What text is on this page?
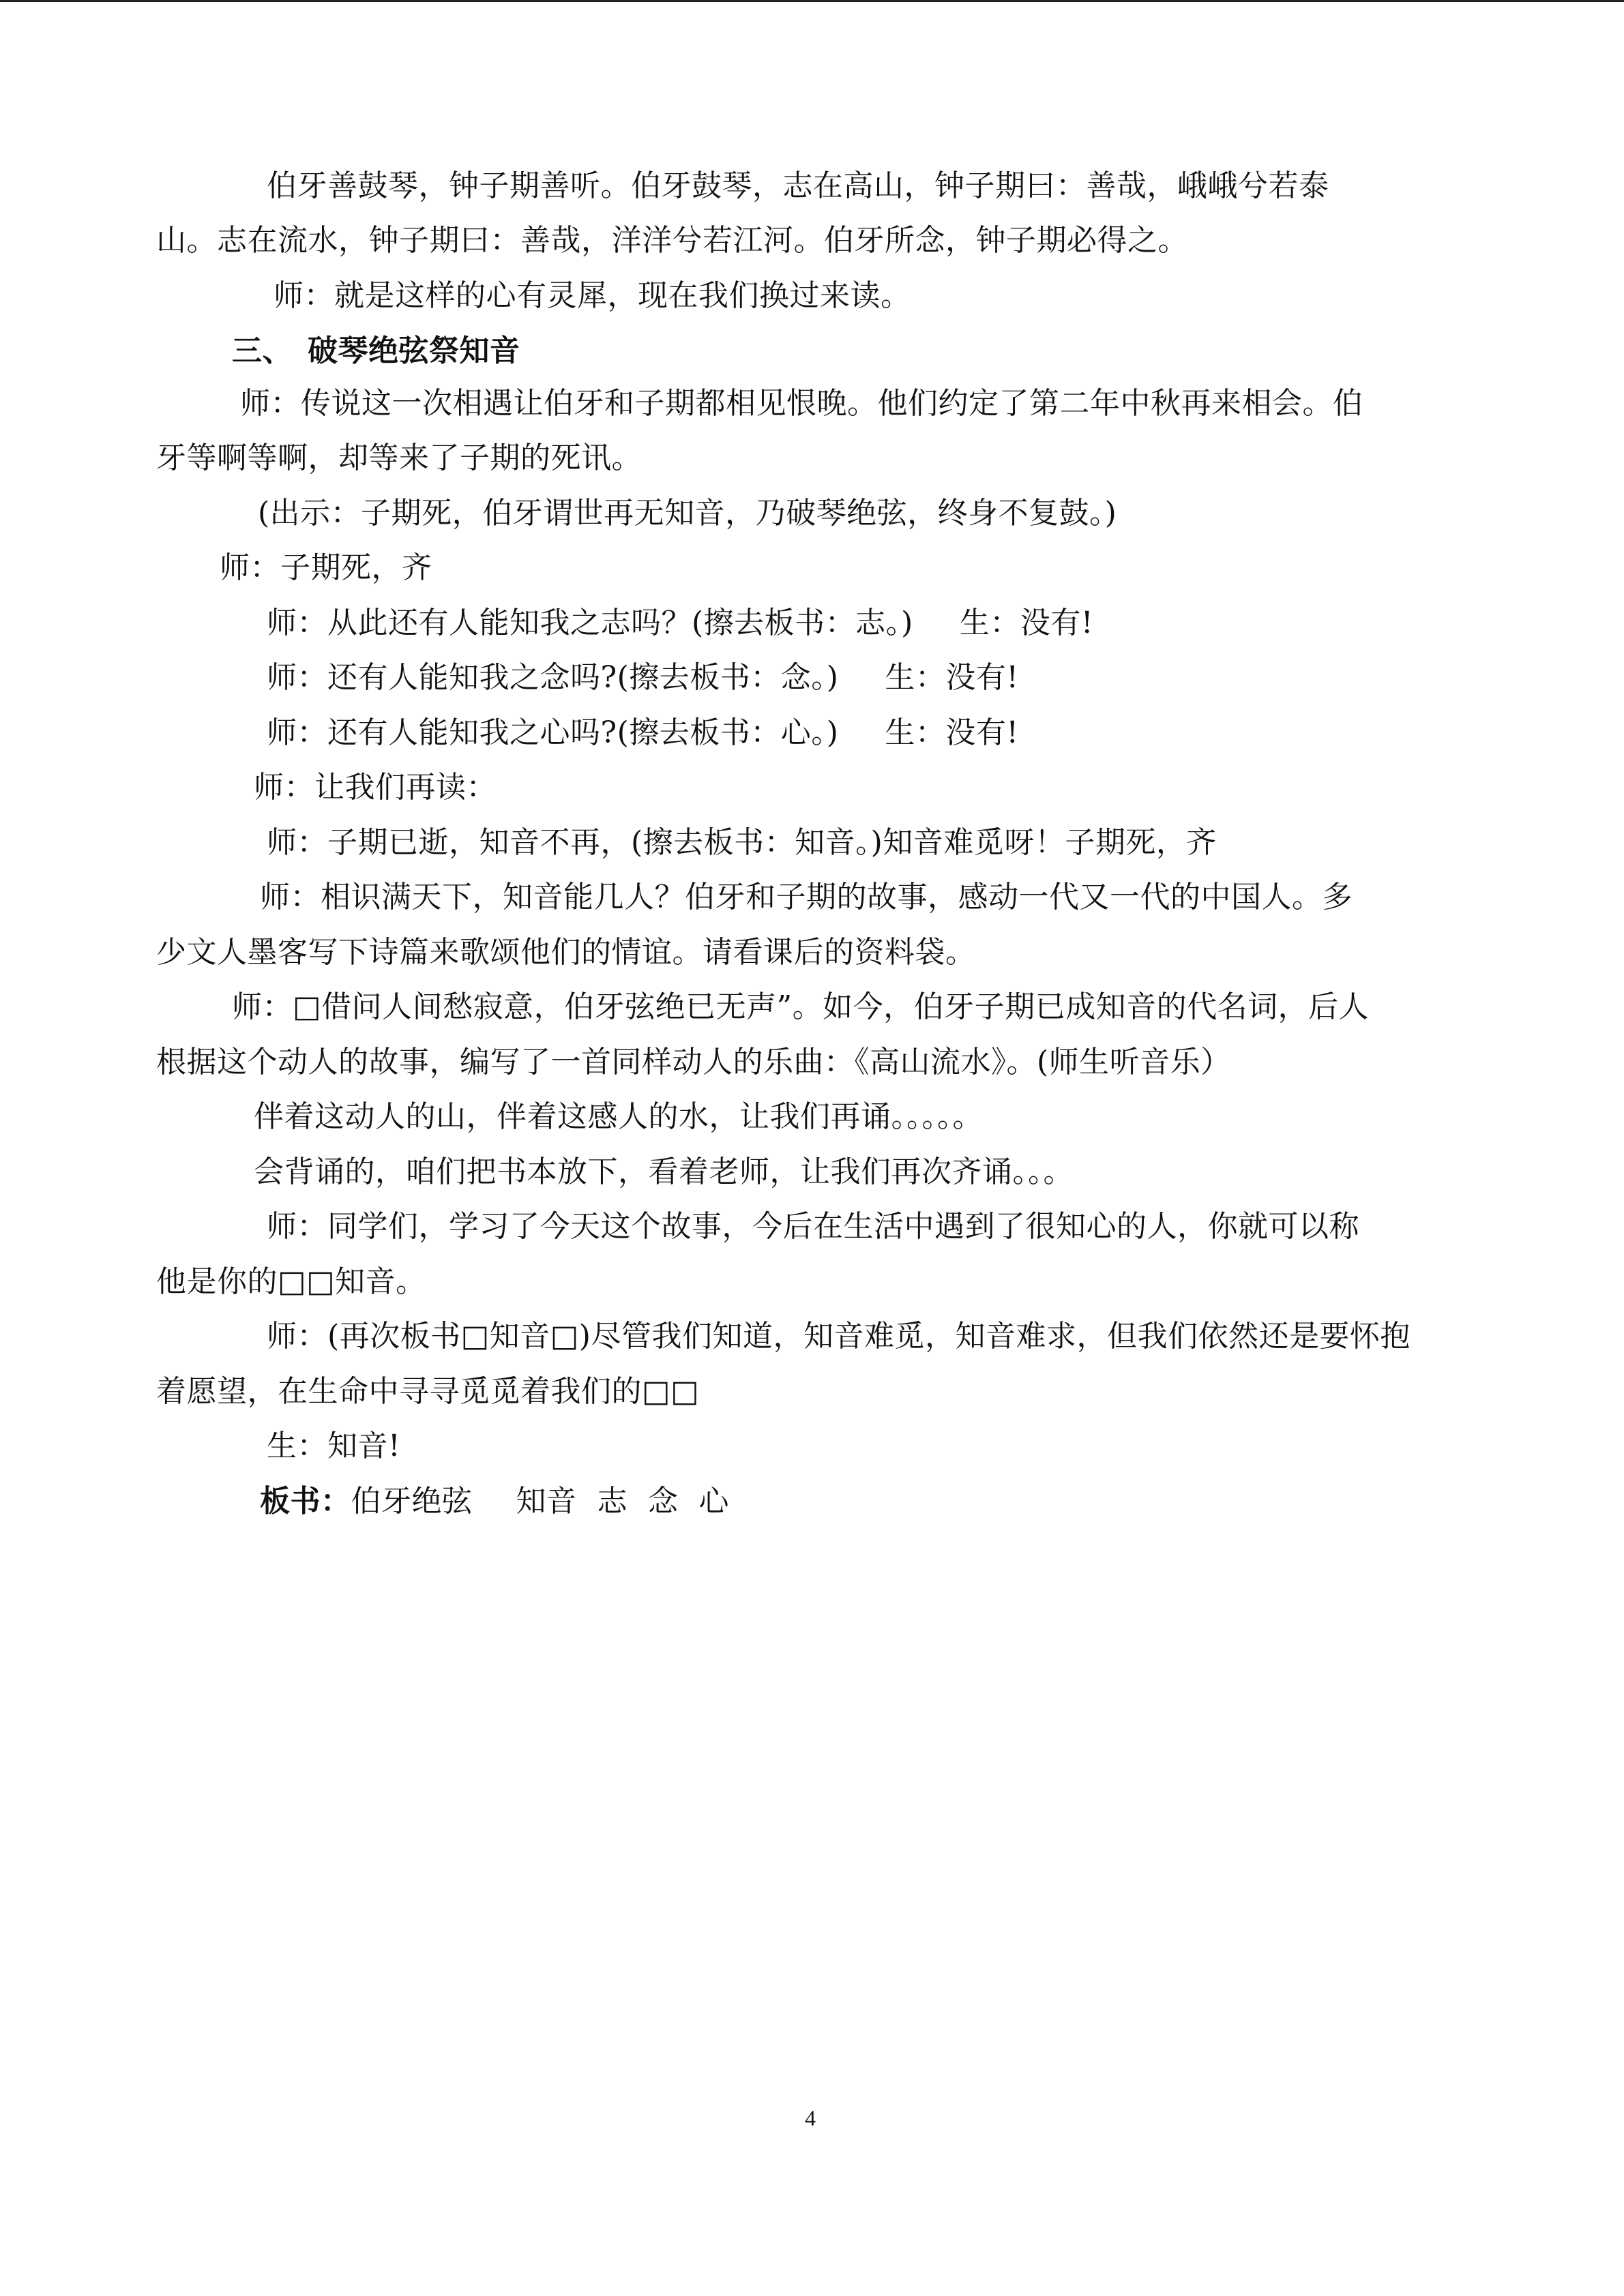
伯牙善鼓琴，钟子期善听。伯牙鼓琴，志在高山，钟子期曰：善哉，峨峨兮若泰
山。志在流水，钟子期曰：善哉，洋洋兮若江河。伯牙所念，钟子期必得之。
师：就是这样的心有灵犀，现在我们换过来读。
三、 破琴绝弦祭知音
师：传说这一次相遇让伯牙和子期都相见恨晚。他们约定了第二年中秋再来相会。伯
牙等啊等啊，却等来了子期的死讯。
(出示：子期死，伯牙谓世再无知音，乃破琴绝弦，终身不复鼓。)
师：子期死，齐
师：从此还有人能知我之志吗？(擦去板书：志。) 生：没有!
师：还有人能知我之念吗?(擦去板书：念。) 生：没有!
师：还有人能知我之心吗?(擦去板书：心。) 生：没有!
师：让我们再读：
师：子期已逝，知音不再，(擦去板书：知音。)知音难觅呀！子期死，齐
师：相识满天下，知音能几人？伯牙和子期的故事，感动一代又一代的中国人。多
少文人墨客写下诗篇来歌颂他们的情谊。请看课后的资料袋。
师：□借问人间愁寂意，伯牙弦绝已无声”。如今，伯牙子期已成知音的代名词，后人
根据这个动人的故事，编写了一首同样动人的乐曲：《高山流水》。(师生听音乐）
伴着这动人的山，伴着这感人的水，让我们再诵。。。。。
会背诵的，咱们把书本放下，看着老师，让我们再次齐诵。。。
师：同学们，学习了今天这个故事，今后在生活中遇到了很知心的人，你就可以称
他是你的□□知音。
师：(再次板书□知音□)尽管我们知道，知音难觅，知音难求，但我们依然还是要怀抱
着愿望，在生命中寻寻觅觅着我们的□□
生：知音!
板书：伯牙绝弦 知音 志 念 心
4
